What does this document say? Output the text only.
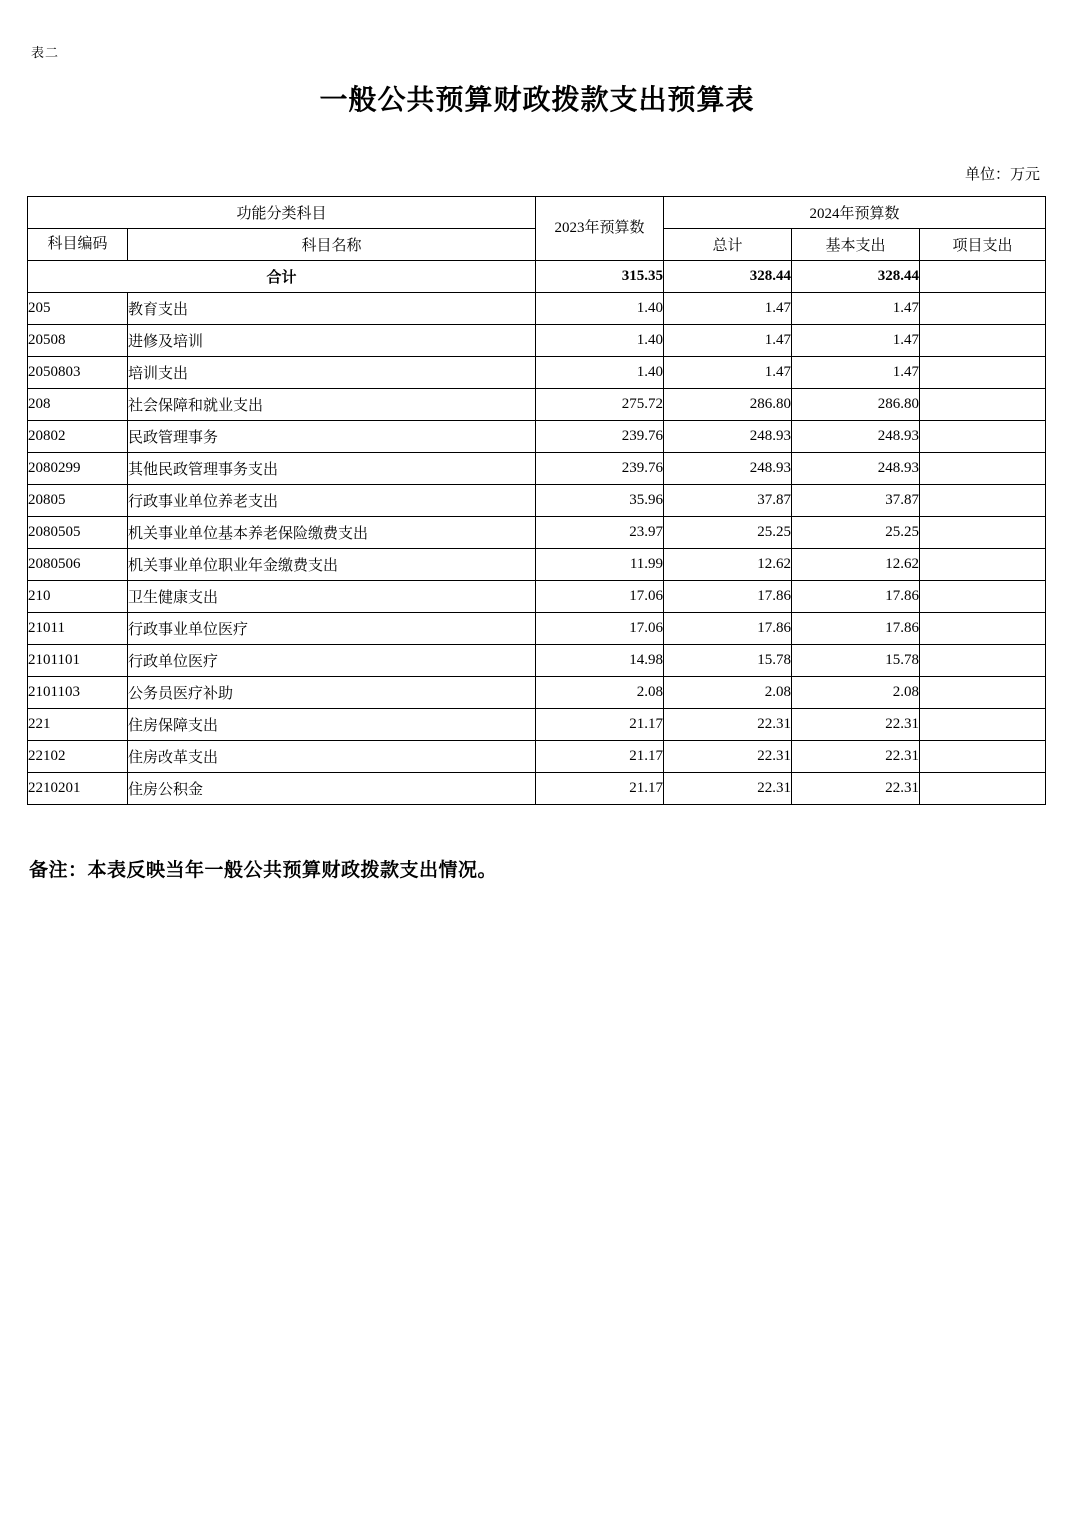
表二
一般公共预算财政拨款支出预算表
单位：万元
功能分类科目		2023年预算数	2024年预算数		
科目编码	科目名称		总计	基本支出	项目支出
合计		315.35	328.44	328.44	
205	教育支出	1.40	1.47	1.47	
20508	进修及培训	1.40	1.47	1.47	
2050803	培训支出	1.40	1.47	1.47	
208	社会保障和就业支出	275.72	286.80	286.80	
20802	民政管理事务	239.76	248.93	248.93	
2080299	其他民政管理事务支出	239.76	248.93	248.93	
20805	行政事业单位养老支出	35.96	37.87	37.87	
2080505	机关事业单位基本养老保险缴费支出	23.97	25.25	25.25	
2080506	机关事业单位职业年金缴费支出	11.99	12.62	12.62	
210	卫生健康支出	17.06	17.86	17.86	
21011	行政事业单位医疗	17.06	17.86	17.86	
2101101	行政单位医疗	14.98	15.78	15.78	
2101103	公务员医疗补助	2.08	2.08	2.08	
221	住房保障支出	21.17	22.31	22.31	
22102	住房改革支出	21.17	22.31	22.31	
2210201	住房公积金	21.17	22.31	22.31	
备注：本表反映当年一般公共预算财政拨款支出情况。
